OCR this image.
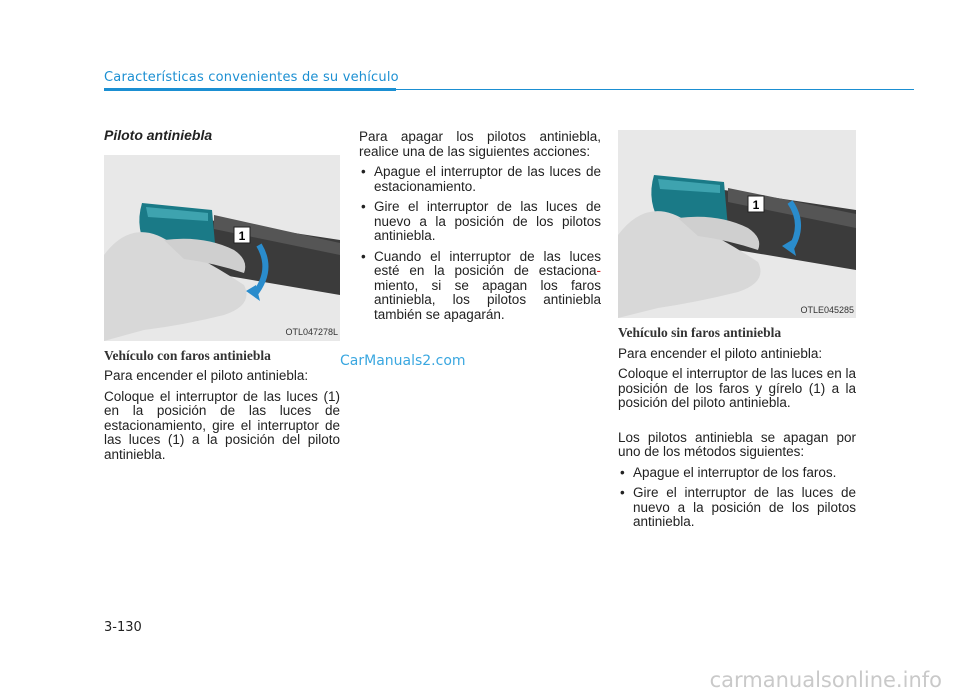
Características convenientes de su vehículo
Piloto antiniebla
1
OTL047278L
Vehículo con faros antiniebla

Para encender el piloto antiniebla:

Coloque el interruptor de las luces (1) en la posición de las luces de estacionamiento, gire el interruptor de las luces (1) a la posición del piloto antiniebla.

Para apagar los pilotos antiniebla, realice una de las siguientes acciones:

• Apague el interruptor de las luces de estacionamiento.
• Gire el interruptor de las luces de nuevo a la posición de los pilotos antiniebla.
• Cuando el interruptor de las luces esté en la posición de estaciona- miento, si se apagan los faros antiniebla, los pilotos antiniebla también se apagarán.
1
OTLE045285
Vehículo sin faros antiniebla

Para encender el piloto antiniebla:

Coloque el interruptor de las luces en la posición de los faros y gírelo (1) a la posición del piloto antiniebla.

Los pilotos antiniebla se apagan por uno de los métodos siguientes:

• Apague el interruptor de los faros.
• Gire el interruptor de las luces de nuevo a la posición de los pilotos antiniebla.
CarManuals2.com
3-130
carmanualsonline.info
